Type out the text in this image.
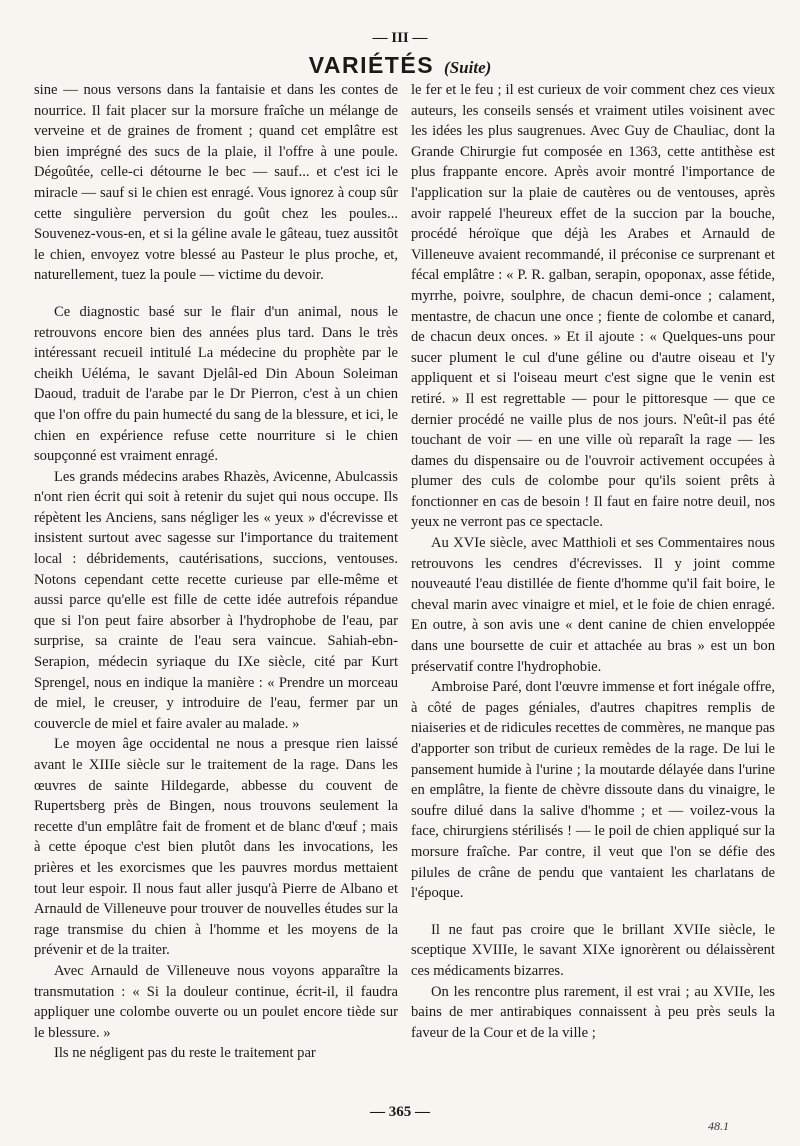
— III —
VARIÉTÉS (Suite)

sine — nous versons dans la fantaisie et dans les contes de nourrice. Il fait placer sur la morsure fraîche un mélange de verveine et de graines de froment ; quand cet emplâtre est bien imprégné des sucs de la plaie, il l'offre à une poule. Dégoûtée, celle-ci détourne le bec — sauf... et c'est ici le miracle — sauf si le chien est enragé. Vous ignorez à coup sûr cette singulière perversion du goût chez les poules... Souvenez-vous-en, et si la géline avale le gâteau, tuez aussitôt le chien, envoyez votre blessé au Pasteur le plus proche, et, naturellement, tuez la poule — victime du devoir.

Ce diagnostic basé sur le flair d'un animal, nous le retrouvons encore bien des années plus tard. Dans le très intéressant recueil intitulé La médecine du prophète par le cheikh Uéléma, le savant Djelâl-ed Din Aboun Soleiman Daoud, traduit de l'arabe par le Dr Pierron, c'est à un chien que l'on offre du pain humecté du sang de la blessure, et ici, le chien en expérience refuse cette nourriture si le chien soupçonné est vraiment enragé.

Les grands médecins arabes Rhazès, Avicenne, Abulcassis n'ont rien écrit qui soit à retenir du sujet qui nous occupe. Ils répètent les Anciens, sans négliger les « yeux » d'écrevisse et insistent surtout avec sagesse sur l'importance du traitement local : débridements, cautérisations, succions, ventouses. Notons cependant cette recette curieuse par elle-même et aussi parce qu'elle est fille de cette idée autrefois répandue que si l'on peut faire absorber à l'hydrophobe de l'eau, par surprise, sa crainte de l'eau sera vaincue. Sahiah-ebn-Serapion, médecin syriaque du IXe siècle, cité par Kurt Sprengel, nous en indique la manière : « Prendre un morceau de miel, le creuser, y introduire de l'eau, fermer par un couvercle de miel et faire avaler au malade. »

Le moyen âge occidental ne nous a presque rien laissé avant le XIIIe siècle sur le traitement de la rage. Dans les œuvres de sainte Hildegarde, abbesse du couvent de Rupertsberg près de Bingen, nous trouvons seulement la recette d'un emplâtre fait de froment et de blanc d'œuf ; mais à cette époque c'est bien plutôt dans les invocations, les prières et les exorcismes que les pauvres mordus mettaient tout leur espoir. Il nous faut aller jusqu'à Pierre de Albano et Arnauld de Villeneuve pour trouver de nouvelles études sur la rage transmise du chien à l'homme et les moyens de la prévenir et de la traiter.

Avec Arnauld de Villeneuve nous voyons apparaître la transmutation : « Si la douleur continue, écrit-il, il faudra appliquer une colombe ouverte ou un poulet encore tiède sur le blessure. »

Ils ne négligent pas du reste le traitement par

le fer et le feu ; il est curieux de voir comment chez ces vieux auteurs, les conseils sensés et vraiment utiles voisinent avec les idées les plus saugrenues. Avec Guy de Chauliac, dont la Grande Chirurgie fut composée en 1363, cette antithèse est plus frappante encore. Après avoir montré l'importance de l'application sur la plaie de cautères ou de ventouses, après avoir rappelé l'heureux effet de la succion par la bouche, procédé héroïque que déjà les Arabes et Arnauld de Villeneuve avaient recommandé, il préconise ce surprenant et fécal emplâtre : « P. R. galban, serapin, opoponax, asse fétide, myrrhe, poivre, soulphre, de chacun demi-once ; calament, mentastre, de chacun une once ; fiente de colombe et canard, de chacun deux onces. » Et il ajoute : « Quelques-uns pour sucer plument le cul d'une géline ou d'autre oiseau et l'y appliquent et si l'oiseau meurt c'est signe que le venin est retiré. » Il est regrettable — pour le pittoresque — que ce dernier procédé ne vaille plus de nos jours. N'eût-il pas été touchant de voir — en une ville où reparaît la rage — les dames du dispensaire ou de l'ouvroir activement occupées à plumer des culs de colombe pour qu'ils soient prêts à fonctionner en cas de besoin ! Il faut en faire notre deuil, nos yeux ne verront pas ce spectacle.

Au XVIe siècle, avec Matthioli et ses Commentaires nous retrouvons les cendres d'écrevisses. Il y joint comme nouveauté l'eau distillée de fiente d'homme qu'il fait boire, le cheval marin avec vinaigre et miel, et le foie de chien enragé. En outre, à son avis une « dent canine de chien enveloppée dans une boursette de cuir et attachée au bras » est un bon préservatif contre l'hydrophobie.

Ambroise Paré, dont l'œuvre immense et fort inégale offre, à côté de pages géniales, d'autres chapitres remplis de niaiseries et de ridicules recettes de commères, ne manque pas d'apporter son tribut de curieux remèdes de la rage. De lui le pansement humide à l'urine ; la moutarde délayée dans l'urine en emplâtre, la fiente de chèvre dissoute dans du vinaigre, le soufre dilué dans la salive d'homme ; et — voilez-vous la face, chirurgiens stérilisés ! — le poil de chien appliqué sur la morsure fraîche. Par contre, il veut que l'on se défie des pilules de crâne de pendu que vantaient les charlatans de l'époque.

Il ne faut pas croire que le brillant XVIIe siècle, le sceptique XVIIIe, le savant XIXe ignorèrent ou délaissèrent ces médicaments bizarres.

On les rencontre plus rarement, il est vrai ; au XVIIe, les bains de mer antirabiques connaissent à peu près seuls la faveur de la Cour et de la ville ;

— 365 —
48.1
